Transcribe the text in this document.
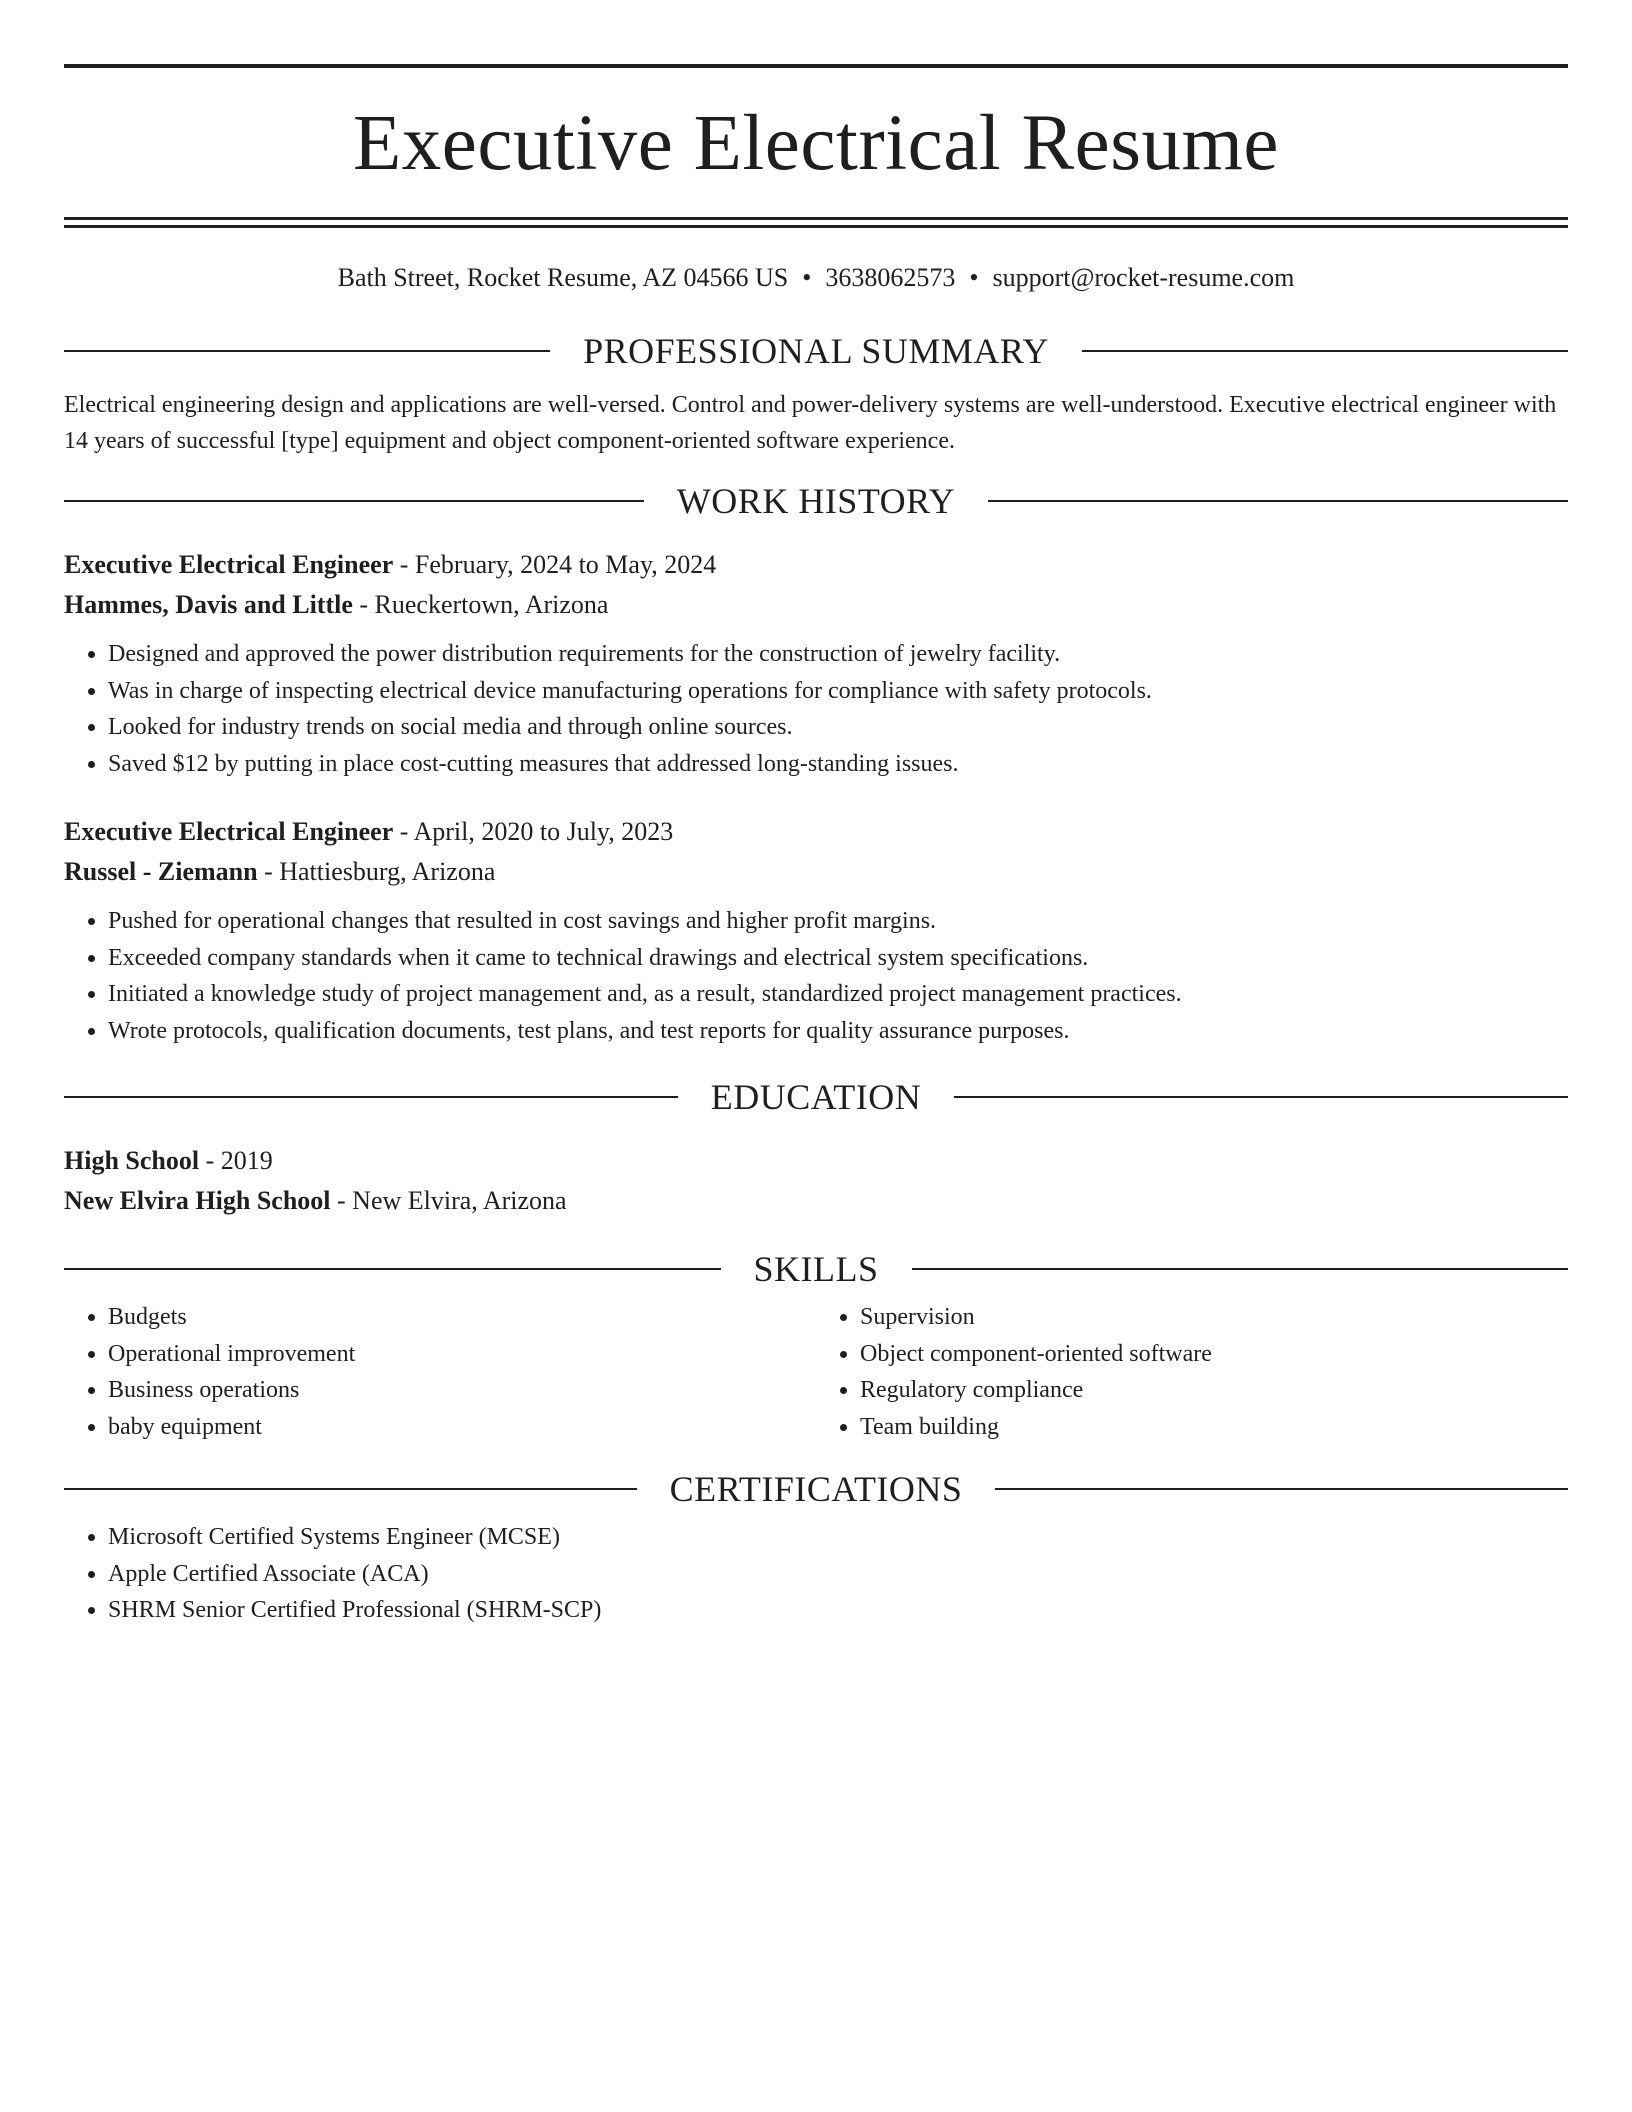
Executive Electrical Resume
Bath Street, Rocket Resume, AZ 04566 US • 3638062573 • support@rocket-resume.com
PROFESSIONAL SUMMARY
Electrical engineering design and applications are well-versed. Control and power-delivery systems are well-understood. Executive electrical engineer with 14 years of successful [type] equipment and object component-oriented software experience.
WORK HISTORY
Executive Electrical Engineer - February, 2024 to May, 2024
Hammes, Davis and Little - Rueckertown, Arizona
• Designed and approved the power distribution requirements for the construction of jewelry facility.
• Was in charge of inspecting electrical device manufacturing operations for compliance with safety protocols.
• Looked for industry trends on social media and through online sources.
• Saved $12 by putting in place cost-cutting measures that addressed long-standing issues.
Executive Electrical Engineer - April, 2020 to July, 2023
Russel - Ziemann - Hattiesburg, Arizona
• Pushed for operational changes that resulted in cost savings and higher profit margins.
• Exceeded company standards when it came to technical drawings and electrical system specifications.
• Initiated a knowledge study of project management and, as a result, standardized project management practices.
• Wrote protocols, qualification documents, test plans, and test reports for quality assurance purposes.
EDUCATION
High School - 2019
New Elvira High School - New Elvira, Arizona
SKILLS
• Budgets
• Operational improvement
• Business operations
• baby equipment
• Supervision
• Object component-oriented software
• Regulatory compliance
• Team building
CERTIFICATIONS
• Microsoft Certified Systems Engineer (MCSE)
• Apple Certified Associate (ACA)
• SHRM Senior Certified Professional (SHRM-SCP)
